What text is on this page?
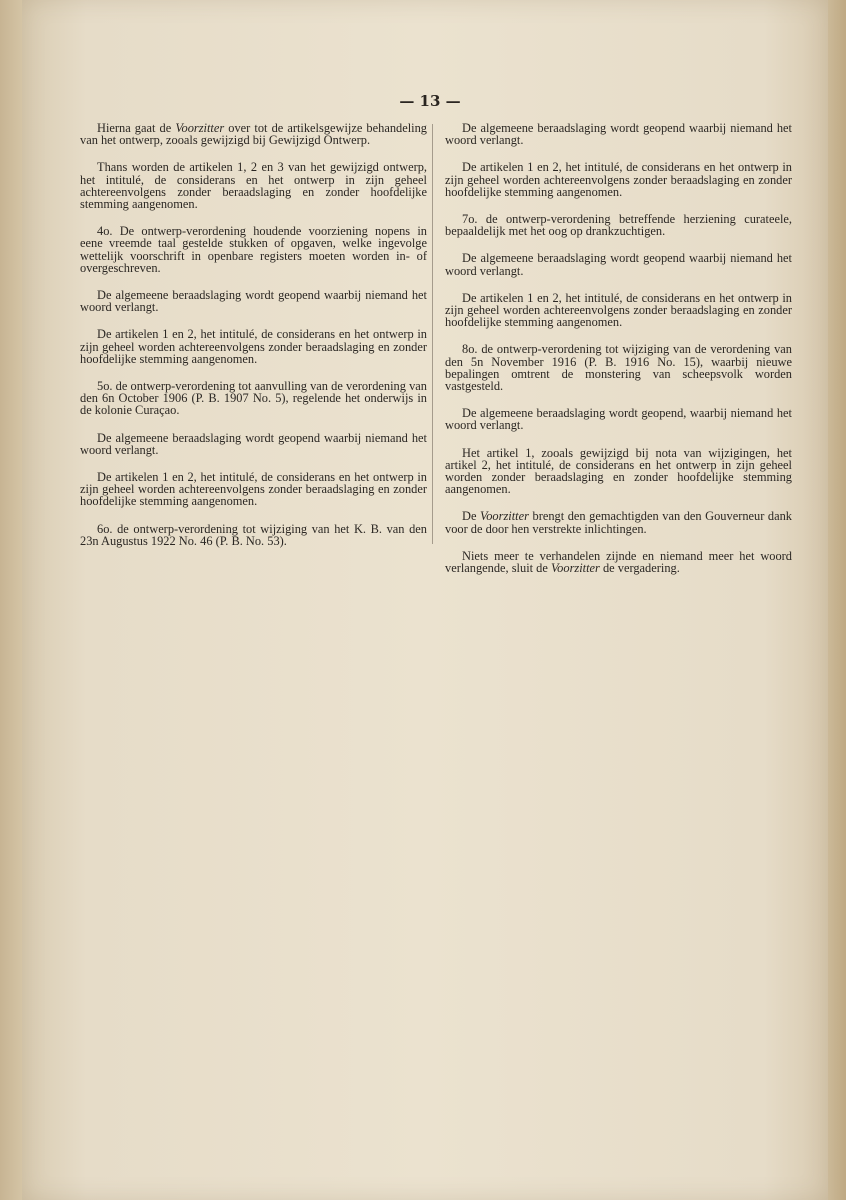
— 13 —

Hierna gaat de Voorzitter over tot de artikelsgewijze behandeling van het ontwerp, zooals gewijzigd bij Gewijzigd Ontwerp.

Thans worden de artikelen 1, 2 en 3 van het gewijzigd ontwerp, het intitulé, de considerans en het ontwerp in zijn geheel achtereenvolgens zonder beraadslaging en zonder hoofdelijke stemming aangenomen.

4o. De ontwerp-verordening houdende voorziening nopens in eene vreemde taal gestelde stukken of opgaven, welke ingevolge wettelijk voorschrift in openbare registers moeten worden in- of overgeschreven.

De algemeene beraadslaging wordt geopend waarbij niemand het woord verlangt.

De artikelen 1 en 2, het intitulé, de considerans en het ontwerp in zijn geheel worden achtereenvolgens zonder beraadslaging en zonder hoofdelijke stemming aangenomen.

5o. de ontwerp-verordening tot aanvulling van de verordening van den 6n October 1906 (P. B. 1907 No. 5), regelende het onderwijs in de kolonie Curaçao.

De algemeene beraadslaging wordt geopend waarbij niemand het woord verlangt.

De artikelen 1 en 2, het intitulé, de considerans en het ontwerp in zijn geheel worden achtereenvolgens zonder beraadslaging en zonder hoofdelijke stemming aangenomen.

6o. de ontwerp-verordening tot wijziging van het K. B. van den 23n Augustus 1922 No. 46 (P. B. No. 53).

De algemeene beraadslaging wordt geopend waarbij niemand het woord verlangt.

De artikelen 1 en 2, het intitulé, de considerans en het ontwerp in zijn geheel worden achtereenvolgens zonder beraadslaging en zonder hoofdelijke stemming aangenomen.

7o. de ontwerp-verordening betreffende herziening curateele, bepaaldelijk met het oog op drankzuchtigen.

De algemeene beraadslaging wordt geopend waarbij niemand het woord verlangt.

De artikelen 1 en 2, het intitulé, de considerans en het ontwerp in zijn geheel worden achtereenvolgens zonder beraadslaging en zonder hoofdelijke stemming aangenomen.

8o. de ontwerp-verordening tot wijziging van de verordening van den 5n November 1916 (P. B. 1916 No. 15), waarbij nieuwe bepalingen omtrent de monstering van scheepsvolk worden vastgesteld.

De algemeene beraadslaging wordt geopend, waarbij niemand het woord verlangt.

Het artikel 1, zooals gewijzigd bij nota van wijzigingen, het artikel 2, het intitulé, de considerans en het ontwerp in zijn geheel worden zonder beraadslaging en zonder hoofdelijke stemming aangenomen.

De Voorzitter brengt den gemachtigden van den Gouverneur dank voor de door hen verstrekte inlichtingen.

Niets meer te verhandelen zijnde en niemand meer het woord verlangende, sluit de Voorzitter de vergadering.
